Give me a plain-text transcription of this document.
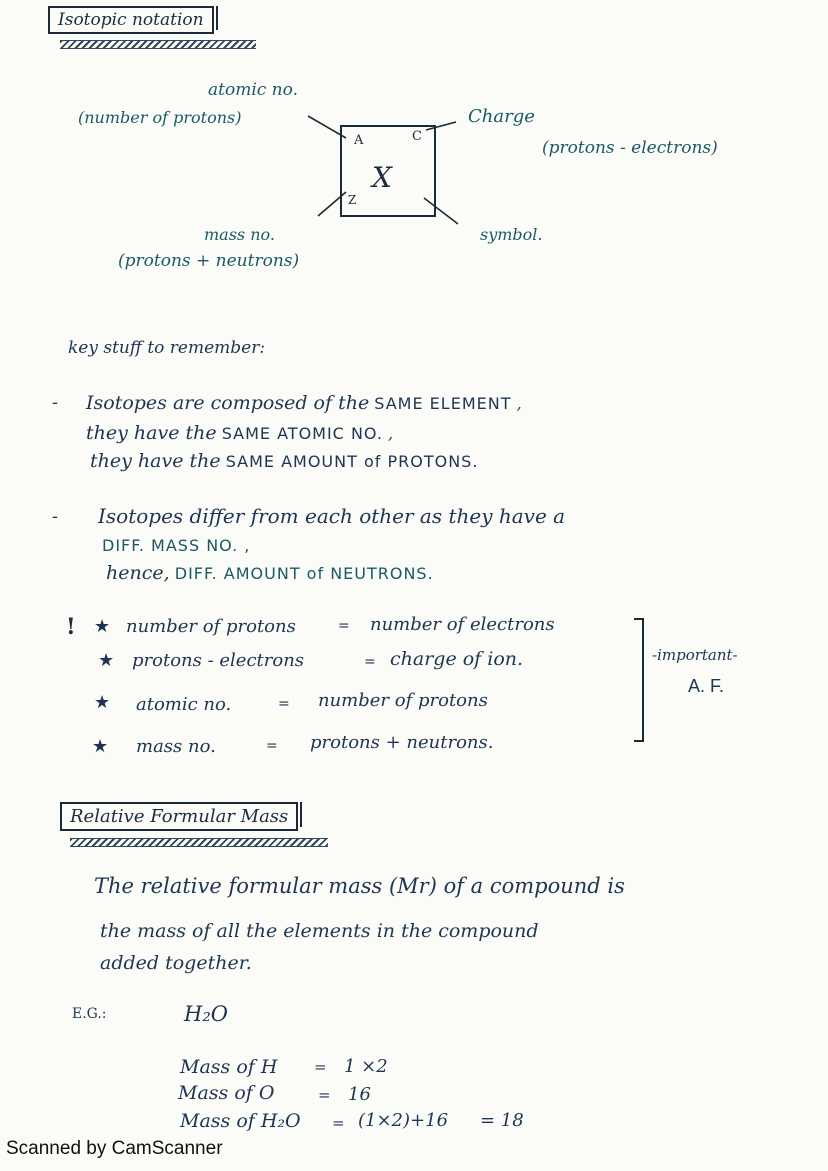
Isotopic notation
atomic no.
(number of protons)	Charge
(protons - electrons)
mass no.
(protons + neutrons)
symbol.
A	C
Z
X
key stuff to remember:
- Isotopes are composed of the SAME ELEMENT ,
they have the SAME ATOMIC NO. ,
they have the SAME AMOUNT of PROTONS.
- Isotopes differ from each other as they have a
DIFF. MASS NO. ,
hence, DIFF. AMOUNT of NEUTRONS.
! ★ number of protons	= number of electrons
★ protons - electrons	= charge of ion.
★ atomic no.	= number of protons
★ mass no.	= protons + neutrons.
-important-
A. F.
Relative Formular Mass
The relative formular mass (Mr) of a compound is
the mass of all the elements in the compound
added together.
E.G.:	H₂O
Mass of H = 1 ×2
Mass of O	= 16
Mass of H₂O = (1×2)+16 = 18
Scanned by CamScanner
